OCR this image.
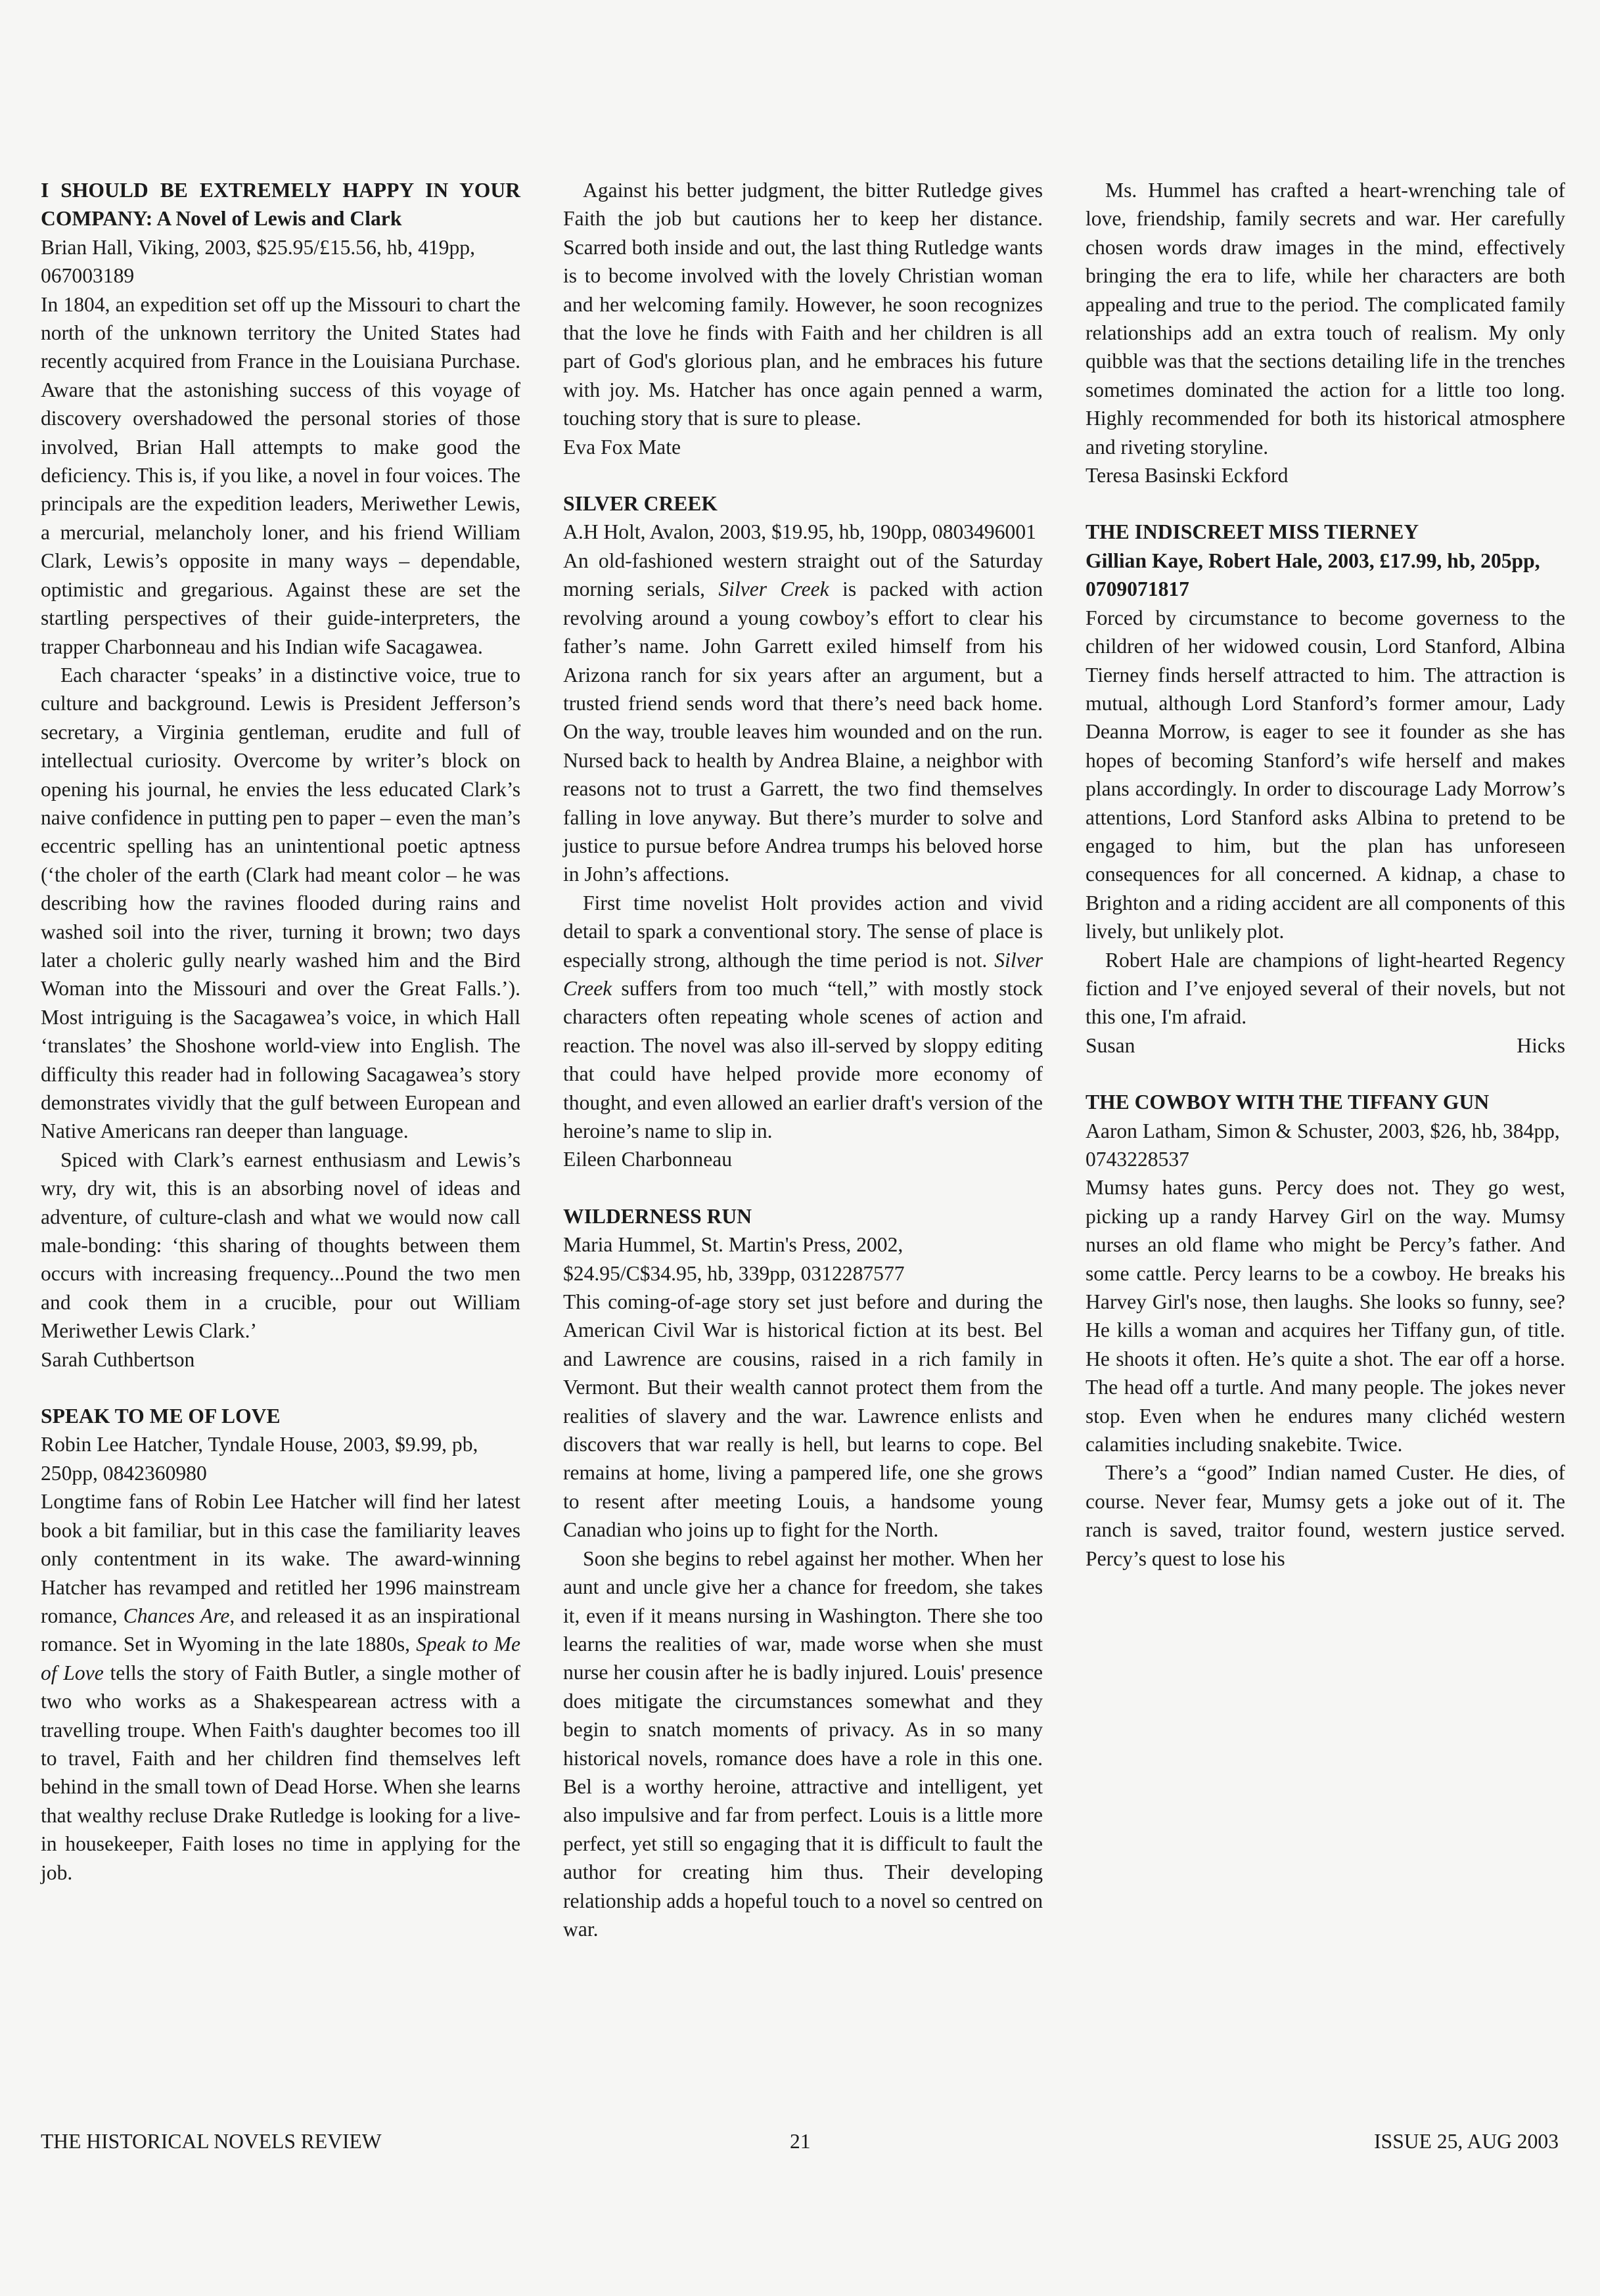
I SHOULD BE EXTREMELY HAPPY IN YOUR COMPANY: A Novel of Lewis and Clark

Brian Hall, Viking, 2003, $25.95/£15.56, hb, 419pp, 067003189

In 1804, an expedition set off up the Missouri to chart the north of the unknown territory the United States had recently acquired from France in the Louisiana Purchase. Aware that the astonishing success of this voyage of discovery overshadowed the personal stories of those involved, Brian Hall attempts to make good the deficiency. This is, if you like, a novel in four voices. The principals are the expedition leaders, Meriwether Lewis, a mercurial, melancholy loner, and his friend William Clark, Lewis’s opposite in many ways – dependable, optimistic and gregarious. Against these are set the startling perspectives of their guide-interpreters, the trapper Charbonneau and his Indian wife Sacagawea.

Each character ‘speaks’ in a distinctive voice, true to culture and background. Lewis is President Jefferson’s secretary, a Virginia gentleman, erudite and full of intellectual curiosity. Overcome by writer’s block on opening his journal, he envies the less educated Clark’s naive confidence in putting pen to paper – even the man’s eccentric spelling has an unintentional poetic aptness (‘the choler of the earth (Clark had meant color – he was describing how the ravines flooded during rains and washed soil into the river, turning it brown; two days later a choleric gully nearly washed him and the Bird Woman into the Missouri and over the Great Falls.’). Most intriguing is the Sacagawea’s voice, in which Hall ‘translates’ the Shoshone world-view into English. The difficulty this reader had in following Sacagawea’s story demonstrates vividly that the gulf between European and Native Americans ran deeper than language.

Spiced with Clark’s earnest enthusiasm and Lewis’s wry, dry wit, this is an absorbing novel of ideas and adventure, of culture-clash and what we would now call male-bonding: ‘this sharing of thoughts between them occurs with increasing frequency...Pound the two men and cook them in a crucible, pour out William Meriwether Lewis Clark.’

Sarah Cuthbertson

SPEAK TO ME OF LOVE

Robin Lee Hatcher, Tyndale House, 2003, $9.99, pb, 250pp, 0842360980

Longtime fans of Robin Lee Hatcher will find her latest book a bit familiar, but in this case the familiarity leaves only contentment in its wake. The award-winning Hatcher has revamped and retitled her 1996 mainstream romance, Chances Are, and released it as an inspirational romance. Set in Wyoming in the late 1880s, Speak to Me of Love tells the story of Faith Butler, a single mother of two who works as a Shakespearean actress with a travelling troupe. When Faith's daughter becomes too ill to travel, Faith and her children find themselves left behind in the small town of Dead Horse. When she learns that wealthy recluse Drake Rutledge is looking for a live-in housekeeper, Faith loses no time in applying for the job.

Against his better judgment, the bitter Rutledge gives Faith the job but cautions her to keep her distance. Scarred both inside and out, the last thing Rutledge wants is to become involved with the lovely Christian woman and her welcoming family. However, he soon recognizes that the love he finds with Faith and her children is all part of God's glorious plan, and he embraces his future with joy. Ms. Hatcher has once again penned a warm, touching story that is sure to please.

Eva Fox Mate

SILVER CREEK

A.H Holt, Avalon, 2003, $19.95, hb, 190pp, 0803496001

An old-fashioned western straight out of the Saturday morning serials, Silver Creek is packed with action revolving around a young cowboy’s effort to clear his father’s name. John Garrett exiled himself from his Arizona ranch for six years after an argument, but a trusted friend sends word that there’s need back home. On the way, trouble leaves him wounded and on the run. Nursed back to health by Andrea Blaine, a neighbor with reasons not to trust a Garrett, the two find themselves falling in love anyway. But there’s murder to solve and justice to pursue before Andrea trumps his beloved horse in John’s affections.

First time novelist Holt provides action and vivid detail to spark a conventional story. The sense of place is especially strong, although the time period is not. Silver Creek suffers from too much “tell,” with mostly stock characters often repeating whole scenes of action and reaction. The novel was also ill-served by sloppy editing that could have helped provide more economy of thought, and even allowed an earlier draft's version of the heroine’s name to slip in.

Eileen Charbonneau

WILDERNESS RUN

Maria Hummel, St. Martin's Press, 2002, $24.95/C$34.95, hb, 339pp, 0312287577

This coming-of-age story set just before and during the American Civil War is historical fiction at its best. Bel and Lawrence are cousins, raised in a rich family in Vermont. But their wealth cannot protect them from the realities of slavery and the war. Lawrence enlists and discovers that war really is hell, but learns to cope. Bel remains at home, living a pampered life, one she grows to resent after meeting Louis, a handsome young Canadian who joins up to fight for the North.

Soon she begins to rebel against her mother. When her aunt and uncle give her a chance for freedom, she takes it, even if it means nursing in Washington. There she too learns the realities of war, made worse when she must nurse her cousin after he is badly injured. Louis' presence does mitigate the circumstances somewhat and they begin to snatch moments of privacy. As in so many historical novels, romance does have a role in this one. Bel is a worthy heroine, attractive and intelligent, yet also impulsive and far from perfect. Louis is a little more perfect, yet still so engaging that it is difficult to fault the author for creating him thus. Their developing relationship adds a hopeful touch to a novel so centred on war.

Ms. Hummel has crafted a heart-wrenching tale of love, friendship, family secrets and war. Her carefully chosen words draw images in the mind, effectively bringing the era to life, while her characters are both appealing and true to the period. The complicated family relationships add an extra touch of realism. My only quibble was that the sections detailing life in the trenches sometimes dominated the action for a little too long. Highly recommended for both its historical atmosphere and riveting storyline.

Teresa Basinski Eckford

THE INDISCREET MISS TIERNEY

Gillian Kaye, Robert Hale, 2003, £17.99, hb, 205pp, 0709071817

Forced by circumstance to become governess to the children of her widowed cousin, Lord Stanford, Albina Tierney finds herself attracted to him. The attraction is mutual, although Lord Stanford’s former amour, Lady Deanna Morrow, is eager to see it founder as she has hopes of becoming Stanford’s wife herself and makes plans accordingly. In order to discourage Lady Morrow’s attentions, Lord Stanford asks Albina to pretend to be engaged to him, but the plan has unforeseen consequences for all concerned. A kidnap, a chase to Brighton and a riding accident are all components of this lively, but unlikely plot.

Robert Hale are champions of light-hearted Regency fiction and I’ve enjoyed several of their novels, but not this one, I'm afraid.

Susan	Hicks

THE COWBOY WITH THE TIFFANY GUN

Aaron Latham, Simon & Schuster, 2003, $26, hb, 384pp, 0743228537

Mumsy hates guns. Percy does not. They go west, picking up a randy Harvey Girl on the way. Mumsy nurses an old flame who might be Percy’s father. And some cattle. Percy learns to be a cowboy. He breaks his Harvey Girl's nose, then laughs. She looks so funny, see? He kills a woman and acquires her Tiffany gun, of title. He shoots it often. He’s quite a shot. The ear off a horse. The head off a turtle. And many people. The jokes never stop. Even when he endures many clichéd western calamities including snakebite. Twice.

There’s a “good” Indian named Custer. He dies, of course. Never fear, Mumsy gets a joke out of it. The ranch is saved, traitor found, western justice served. Percy’s quest to lose his

THE HISTORICAL NOVELS REVIEW	21	ISSUE 25, AUG 2003
